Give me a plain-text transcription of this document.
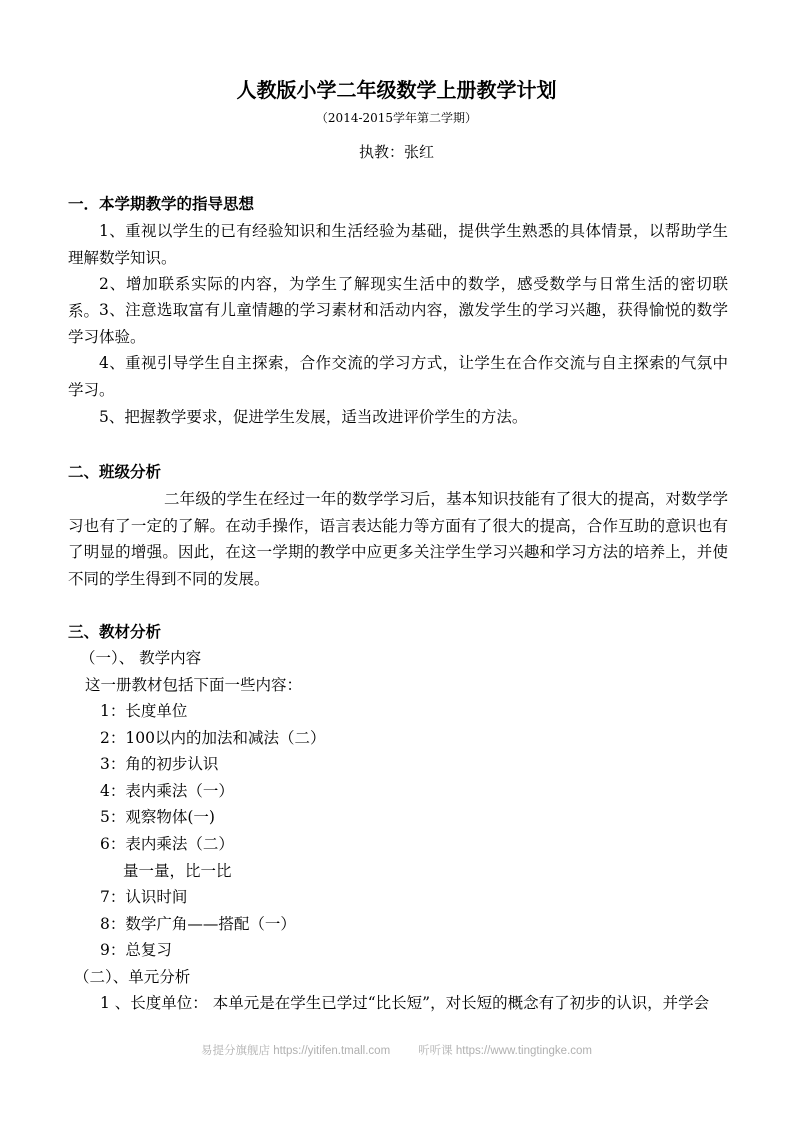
人教版小学二年级数学上册教学计划
（2014-2015学年第二学期）
执教：张红
一．本学期教学的指导思想
1、重视以学生的已有经验知识和生活经验为基础，提供学生熟悉的具体情景，以帮助学生理解数学知识。
2、增加联系实际的内容，为学生了解现实生活中的数学，感受数学与日常生活的密切联系。 3、注意选取富有儿童情趣的学习素材和活动内容，激发学生的学习兴趣，获得愉悦的数学学习体验。
4、重视引导学生自主探索，合作交流的学习方式，让学生在合作交流与自主探索的气氛中学习。
5、把握教学要求，促进学生发展，适当改进评价学生的方法。
二、班级分析
二年级的学生在经过一年的数学学习后，基本知识技能有了很大的提高，对数学学习也有了一定的了解。在动手操作，语言表达能力等方面有了很大的提高，合作互助的意识也有了明显的增强。因此，在这一学期的教学中应更多关注学生学习兴趣和学习方法的培养上，并使不同的学生得到不同的发展。
三、教材分析
（一）、 教学内容
这一册教材包括下面一些内容：
1：长度单位
2：100以内的加法和减法（二）
3：角的初步认识
4：表内乘法（一）
5：观察物体(一)
6：表内乘法（二）
量一量，比一比
7：认识时间
8：数学广角——搭配（一）
9：总复习
（二）、单元分析
1 、长度单位： 本单元是在学生已学过“比长短”，对长短的概念有了初步的认识，并学会
易提分旗舰店 https://yitifen.tmall.com 听听课 https://www.tingtingke.com
